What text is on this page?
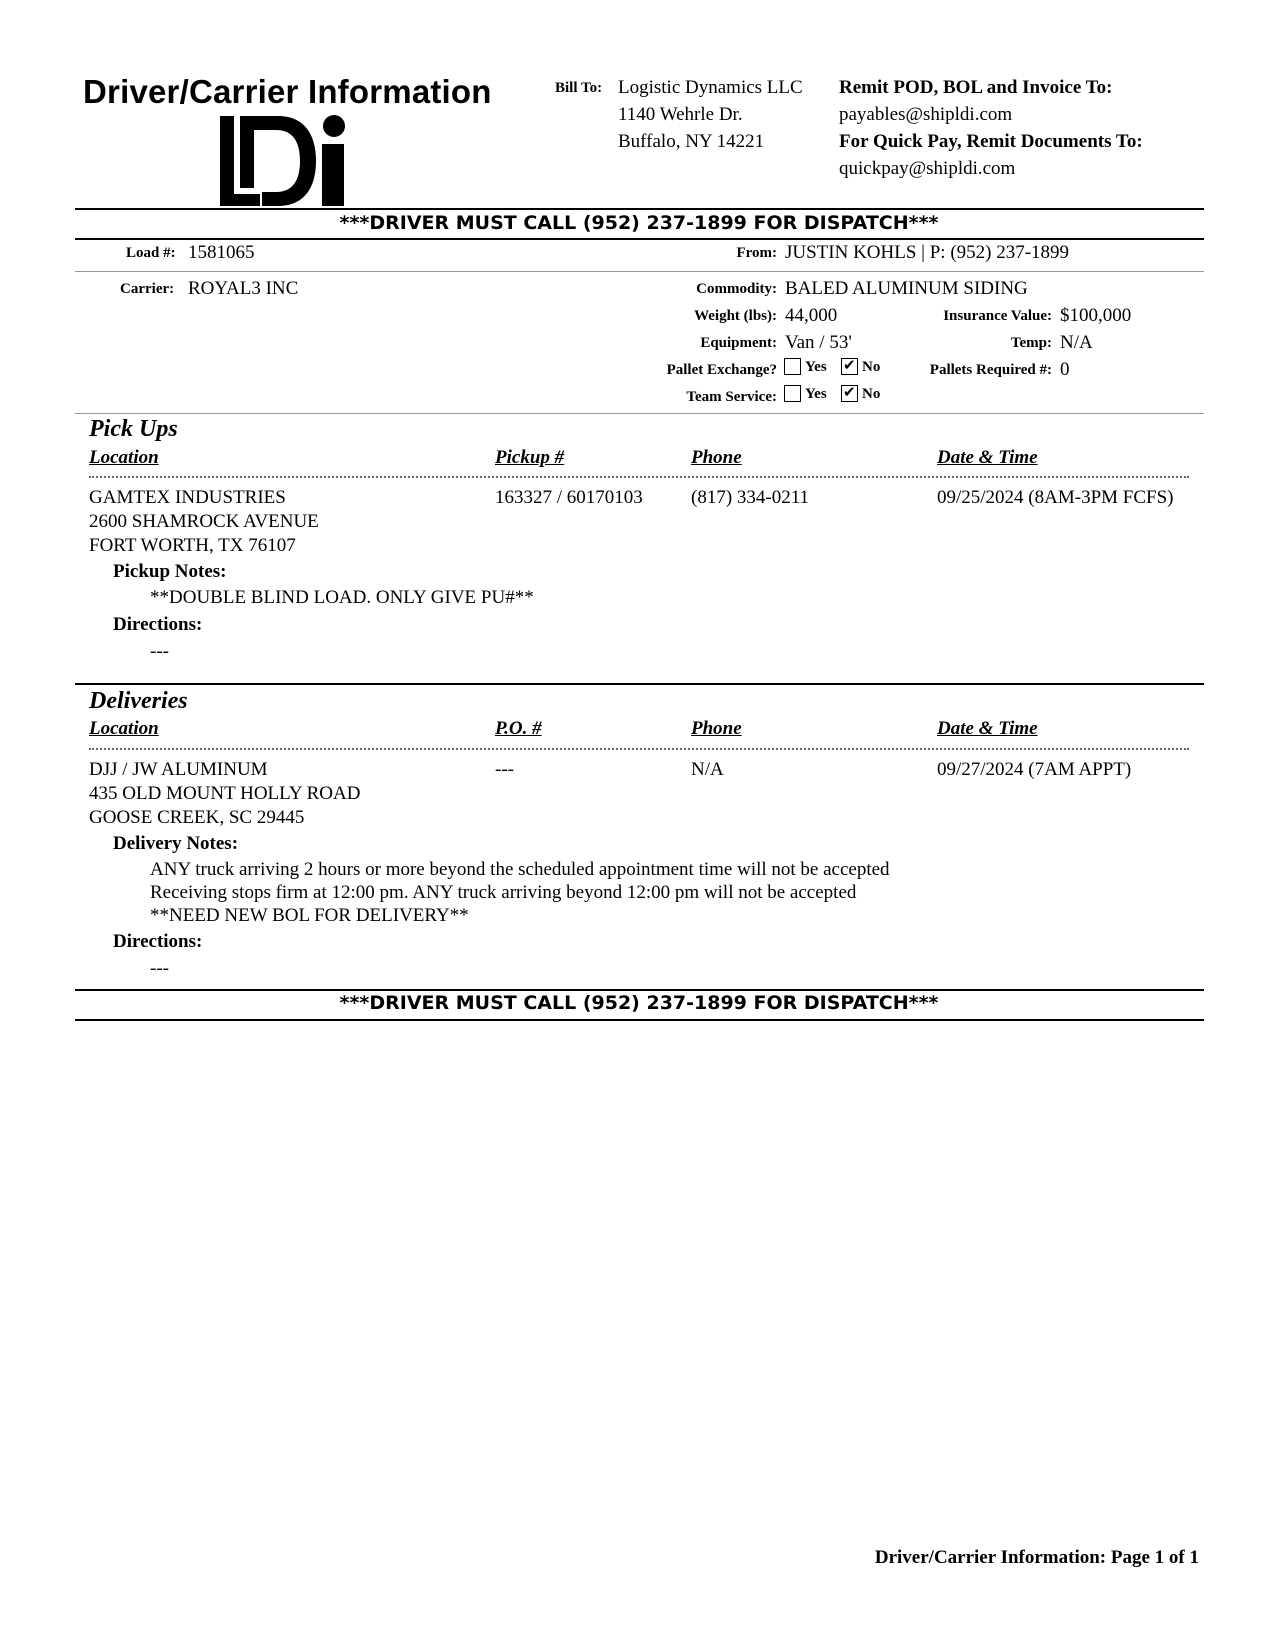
Driver/Carrier Information	Bill To: Logistic Dynamics LLC
1140 Wehrle Dr.
Buffalo, NY 14221
Remit POD, BOL and Invoice To:
payables@shipldi.com
For Quick Pay, Remit Documents To:
quickpay@shipldi.com
***DRIVER MUST CALL (952) 237-1899 FOR DISPATCH***
Load #: 1581065	From: JUSTIN KOHLS | P: (952) 237-1899
Carrier: ROYAL3 INC	Commodity: BALED ALUMINUM SIDING
Weight (lbs): 44,000	Insurance Value: $100,000
Equipment: Van / 53'	Temp: N/A
Pallet Exchange? Yes ✔ No	Pallets Required #: 0
Team Service: Yes ✔ No
Pick Ups
Location	Pickup #	Phone	Date & Time
GAMTEX INDUSTRIES
2600 SHAMROCK AVENUE
FORT WORTH, TX 76107
163327 / 60170103	(817) 334-0211	09/25/2024 (8AM-3PM FCFS)
Pickup Notes:
**DOUBLE BLIND LOAD. ONLY GIVE PU#**
Directions:
---
Deliveries
Location	P.O. #	Phone	Date & Time
DJJ / JW ALUMINUM
435 OLD MOUNT HOLLY ROAD
GOOSE CREEK, SC 29445
---	N/A	09/27/2024 (7AM APPT)
Delivery Notes:
ANY truck arriving 2 hours or more beyond the scheduled appointment time will not be accepted
Receiving stops firm at 12:00 pm. ANY truck arriving beyond 12:00 pm will not be accepted
**NEED NEW BOL FOR DELIVERY**
Directions:
---
***DRIVER MUST CALL (952) 237-1899 FOR DISPATCH***
Driver/Carrier Information: Page 1 of 1
